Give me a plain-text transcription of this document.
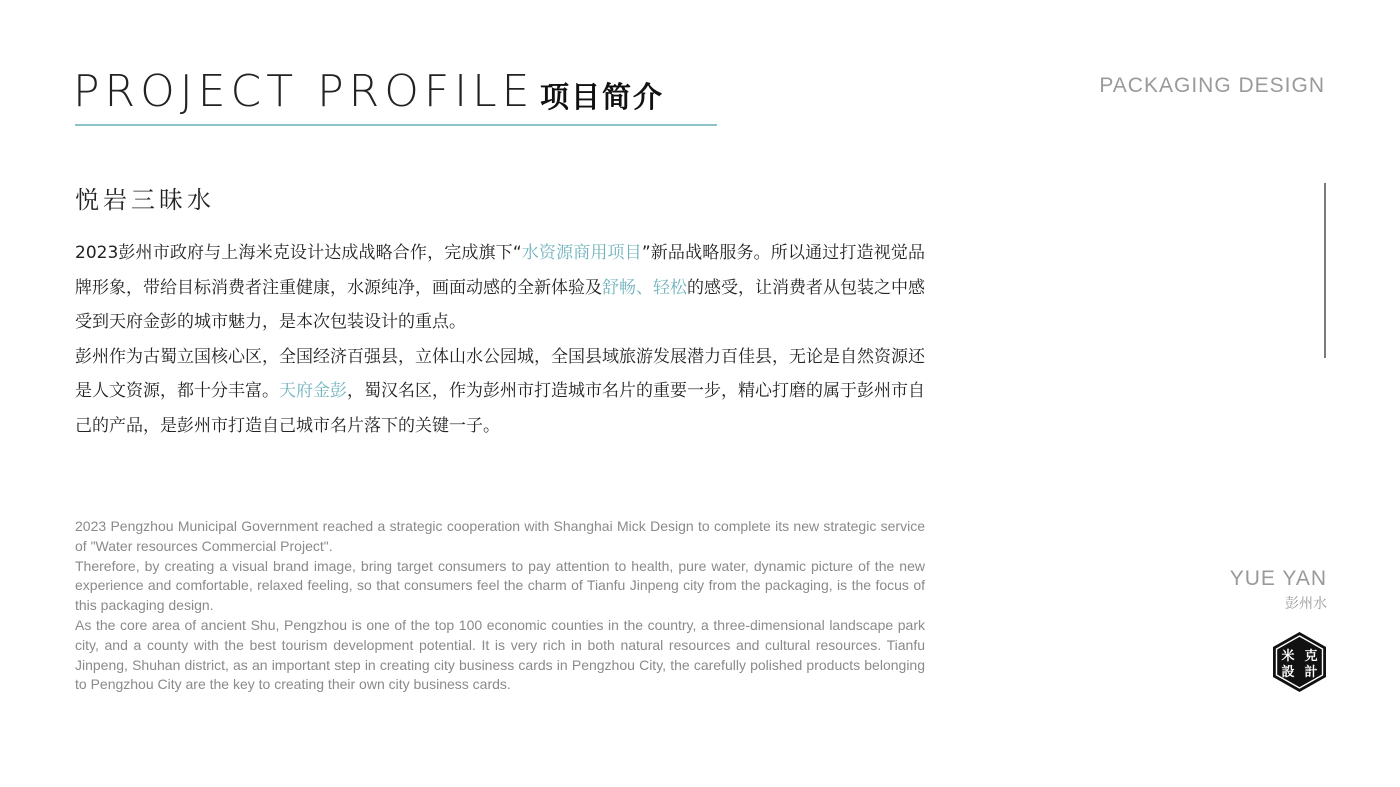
PROJECT PROFILE 项目简介	PACKAGING DESIGN
悦岩三昧水

2023彭州市政府与上海米克设计达成战略合作，完成旗下“水资源商用项目”新品战略服务。所以通过打造视觉品牌形象，带给目标消费者注重健康，水源纯净，画面动感的全新体验及舒畅、轻松的感受，让消费者从包装之中感受到天府金彭的城市魅力，是本次包装设计的重点。

彭州作为古蜀立国核心区，全国经济百强县，立体山水公园城，全国县域旅游发展潜力百佳县，无论是自然资源还是人文资源，都十分丰富。天府金彭，蜀汉名区，作为彭州市打造城市名片的重要一步，精心打磨的属于彭州市自己的产品，是彭州市打造自己城市名片落下的关键一子。

2023 Pengzhou Municipal Government reached a strategic cooperation with Shanghai Mick Design to complete its new strategic service of "Water resources Commercial Project".

Therefore, by creating a visual brand image, bring target consumers to pay attention to health, pure water, dynamic picture of the new experience and comfortable, relaxed feeling, so that consumers feel the charm of Tianfu Jinpeng city from the packaging, is the focus of this packaging design.

As the core area of ancient Shu, Pengzhou is one of the top 100 economic counties in the country, a three-dimensional landscape park city, and a county with the best tourism development potential. It is very rich in both natural resources and cultural resources. Tianfu Jinpeng, Shuhan district, as an important step in creating city business cards in Pengzhou City, the carefully polished products belonging to Pengzhou City are the key to creating their own city business cards.

YUE YAN
彭州水
米 克
設 計
